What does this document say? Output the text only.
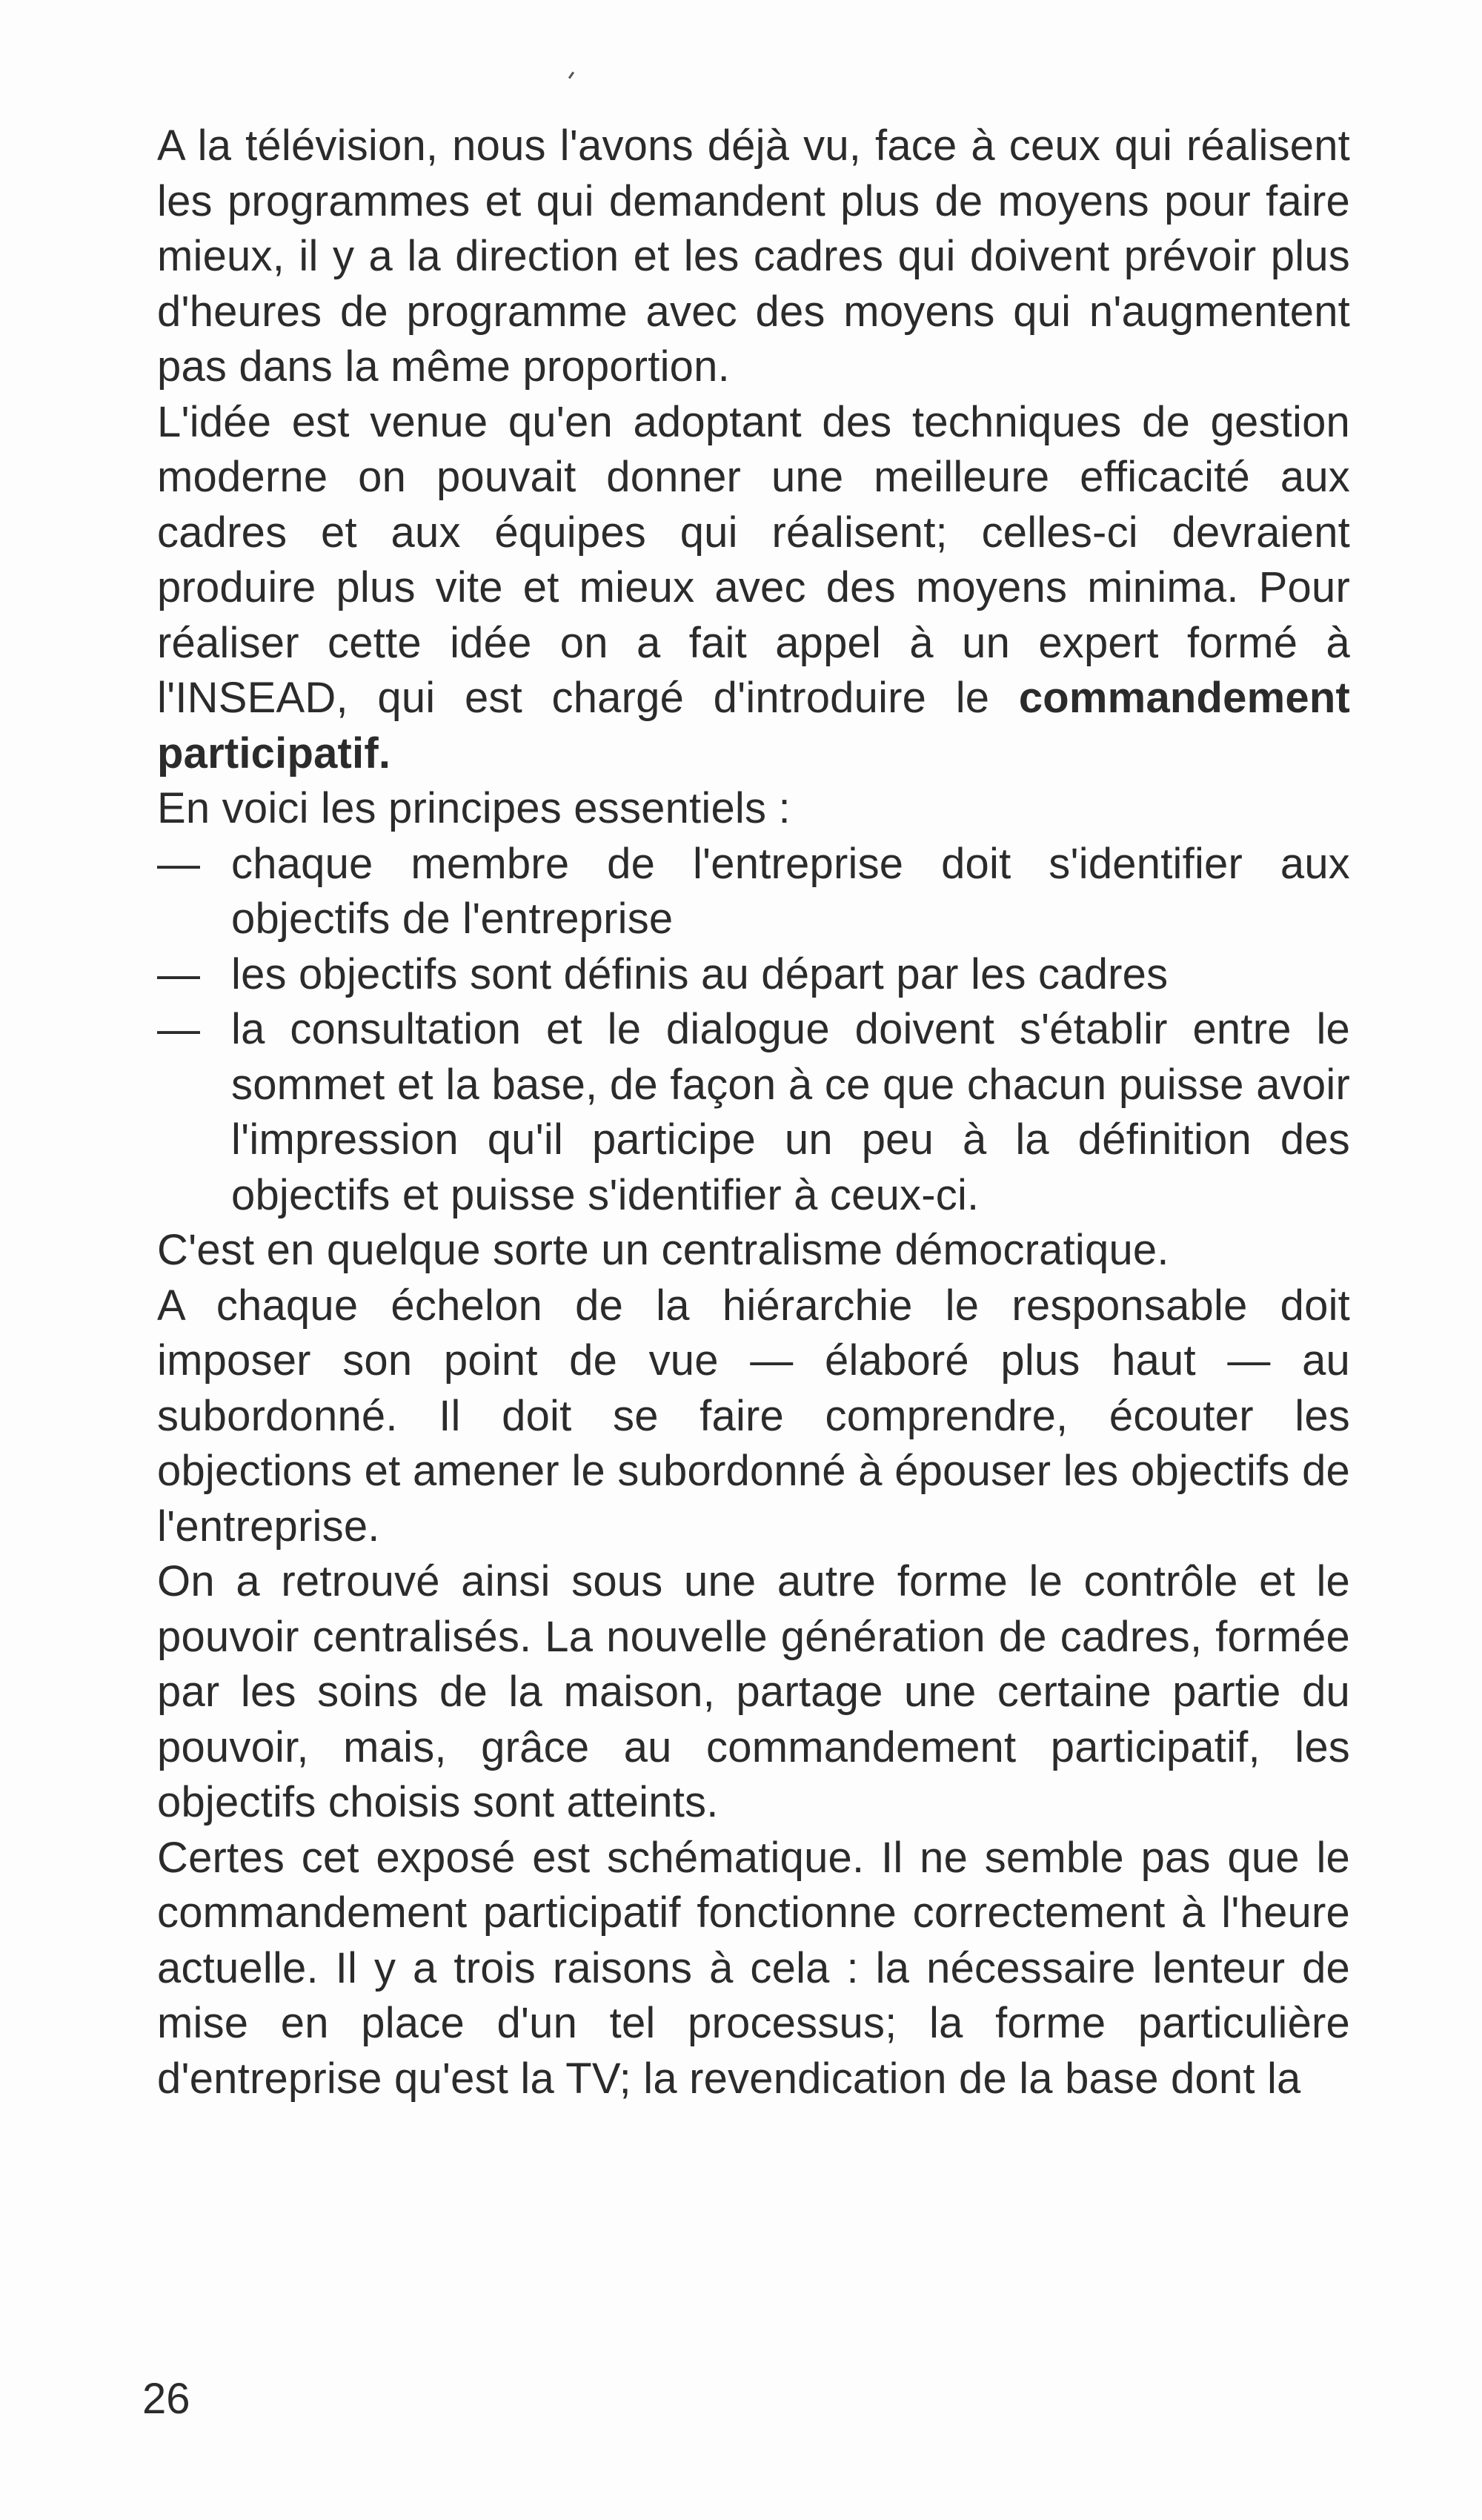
A la télévision, nous l'avons déjà vu, face à ceux qui réalisent les programmes et qui demandent plus de moyens pour faire mieux, il y a la direction et les cadres qui doivent prévoir plus d'heures de programme avec des moyens qui n'augmentent pas dans la même proportion.

L'idée est venue qu'en adoptant des techniques de gestion moderne on pouvait donner une meilleure efficacité aux cadres et aux équipes qui réalisent; celles-ci devraient produire plus vite et mieux avec des moyens minima. Pour réaliser cette idée on a fait appel à un expert formé à l'INSEAD, qui est chargé d'introduire le commandement participatif.

En voici les principes essentiels :

— chaque membre de l'entreprise doit s'identifier aux objectifs de l'entreprise
— les objectifs sont définis au départ par les cadres
— la consultation et le dialogue doivent s'établir entre le sommet et la base, de façon à ce que chacun puisse avoir l'impression qu'il participe un peu à la définition des objectifs et puisse s'identifier à ceux-ci.

C'est en quelque sorte un centralisme démocratique.

A chaque échelon de la hiérarchie le responsable doit imposer son point de vue — élaboré plus haut — au subordonné. Il doit se faire comprendre, écouter les objections et amener le subordonné à épouser les objectifs de l'entreprise.

On a retrouvé ainsi sous une autre forme le contrôle et le pouvoir centralisés. La nouvelle génération de cadres, formée par les soins de la maison, partage une certaine partie du pouvoir, mais, grâce au commandement participatif, les objectifs choisis sont atteints.

Certes cet exposé est schématique. Il ne semble pas que le commandement participatif fonctionne correctement à l'heure actuelle. Il y a trois raisons à cela : la nécessaire lenteur de mise en place d'un tel processus; la forme particulière d'entreprise qu'est la TV; la revendication de la base dont la

26
